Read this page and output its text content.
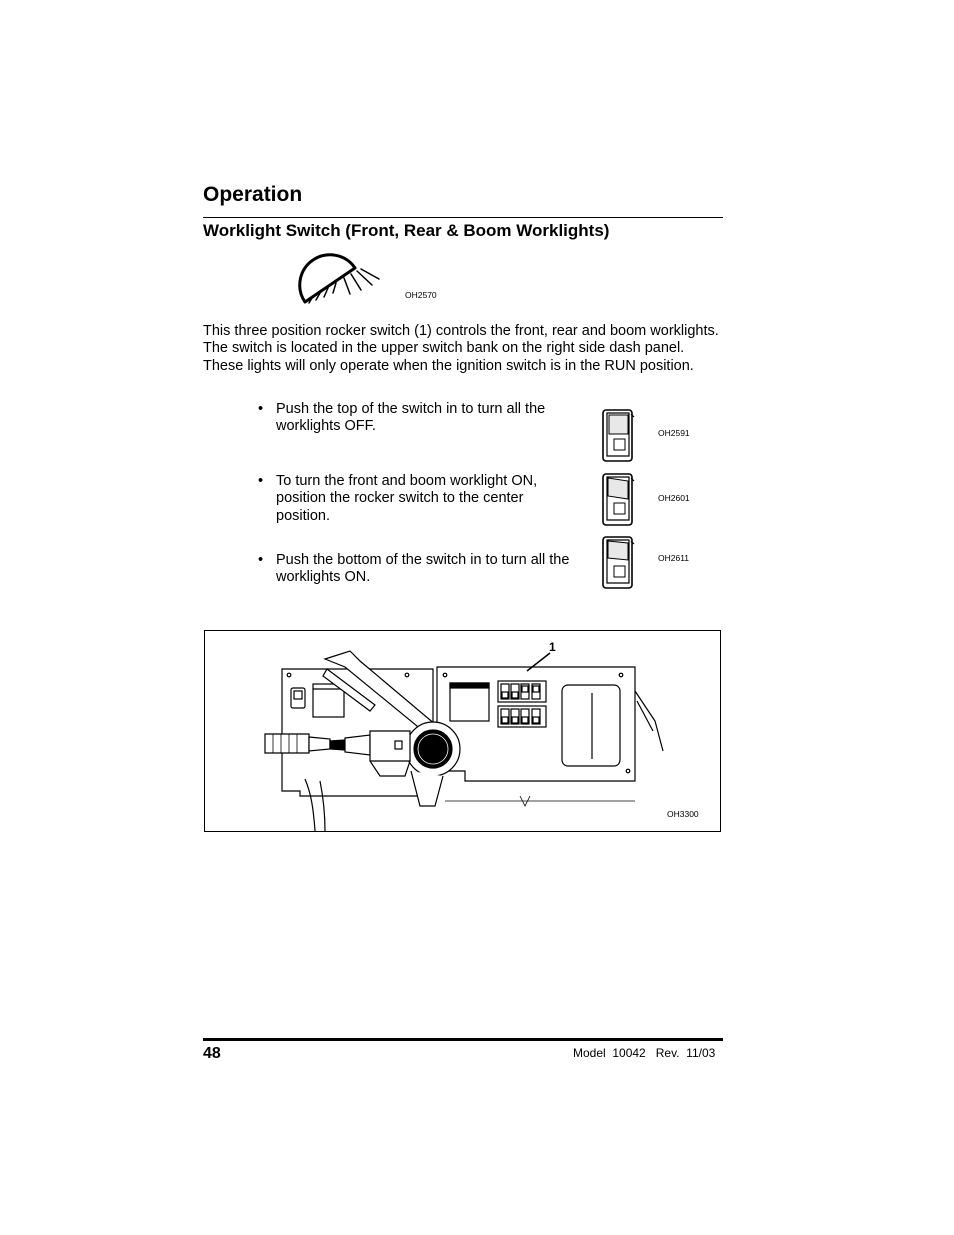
Operation
Worklight Switch (Front, Rear & Boom Worklights)
OH2570
This three position rocker switch (1) controls the front, rear and boom worklights. The switch is located in the upper switch bank on the right side dash panel. These lights will only operate when the ignition switch is in the RUN position.
• Push the top of the switch in to turn all the worklights OFF.	OH2591
• To turn the front and boom worklight ON, position the rocker switch to the center position.
OH2601
• Push the bottom of the switch in to turn all the worklights ON.
OH2611
1
OH3300
48	Model  10042   Rev.  11/03
